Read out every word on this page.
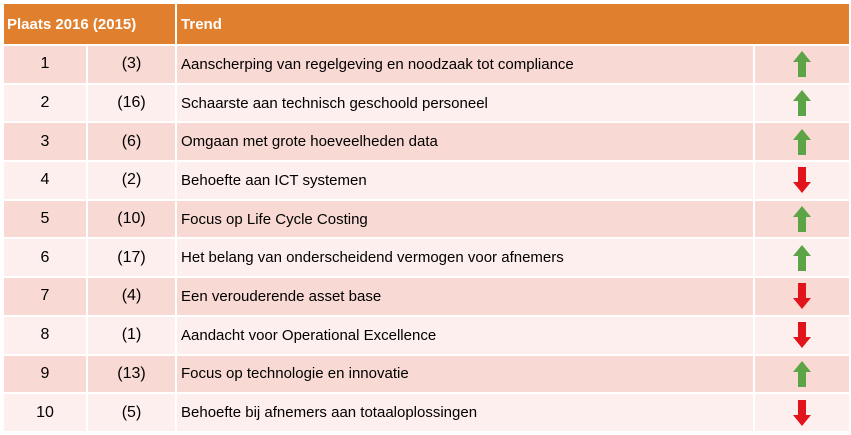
Plaats 2016 (2015)		Trend	
1	(3)	Aanscherping van regelgeving en noodzaak tot compliance	
2	(16)	Schaarste aan technisch geschoold personeel	
3	(6)	Omgaan met grote hoeveelheden data	
4	(2)	Behoefte aan ICT systemen	
5	(10)	Focus op Life Cycle Costing	
6	(17)	Het belang van onderscheidend vermogen voor afnemers	
7	(4)	Een verouderende asset base	
8	(1)	Aandacht voor Operational Excellence	
9	(13)	Focus op technologie en innovatie	
10	(5)	Behoefte bij afnemers aan totaaloplossingen	
